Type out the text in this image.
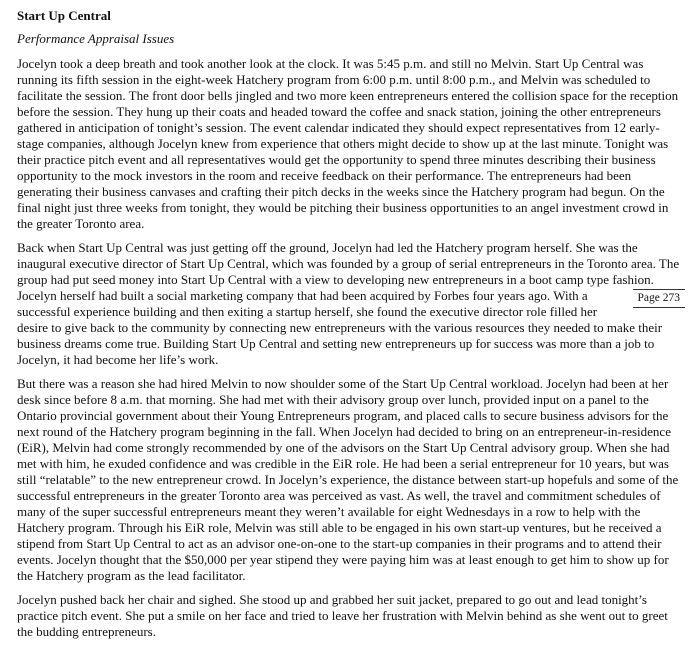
Start Up Central
Performance Appraisal Issues

Jocelyn took a deep breath and took another look at the clock. It was 5:45 p.m. and still no Melvin. Start Up Central was running its fifth session in the eight-week Hatchery program from 6:00 p.m. until 8:00 p.m., and Melvin was scheduled to facilitate the session. The front door bells jingled and two more keen entrepreneurs entered the collision space for the reception before the session. They hung up their coats and headed toward the coffee and snack station, joining the other entrepreneurs gathered in anticipation of tonight’s session. The event calendar indicated they should expect representatives from 12 early-stage companies, although Jocelyn knew from experience that others might decide to show up at the last minute. Tonight was their practice pitch event and all representatives would get the opportunity to spend three minutes describing their business opportunity to the mock investors in the room and receive feedback on their performance. The entrepreneurs had been generating their business canvases and crafting their pitch decks in the weeks since the Hatchery program had begun. On the final night just three weeks from tonight, they would be pitching their business opportunities to an angel investment crowd in the greater Toronto area.

Back when Start Up Central was just getting off the ground, Jocelyn had led the Hatchery program herself. She was the inaugural executive director of Start Up Central, which was founded by a group of serial entrepreneurs in the Toronto area. The group had put seed money into Start Up Central with a view to developing new entrepreneurs in a boot camp type fashion. Jocelyn herself had built	Page 273
a social marketing company that had been acquired by Forbes four years ago. With a successful experience building and then exiting a startup herself, she found the executive director role filled her desire to give back to the community by connecting new entrepreneurs with the various resources they needed to make their business dreams come true. Building Start Up Central and setting new entrepreneurs up for success was more than a job to Jocelyn, it had become her life’s work.

But there was a reason she had hired Melvin to now shoulder some of the Start Up Central workload. Jocelyn had been at her desk since before 8 a.m. that morning. She had met with their advisory group over lunch, provided input on a panel to the Ontario provincial government about their Young Entrepreneurs program, and placed calls to secure business advisors for the next round of the Hatchery program beginning in the fall. When Jocelyn had decided to bring on an entrepreneur-in-residence (EiR), Melvin had come strongly recommended by one of the advisors on the Start Up Central advisory group. When she had met with him, he exuded confidence and was credible in the EiR role. He had been a serial entrepreneur for 10 years, but was still “relatable” to the new entrepreneur crowd. In Jocelyn’s experience, the distance between start-up hopefuls and some of the successful entrepreneurs in the greater Toronto area was perceived as vast. As well, the travel and commitment schedules of many of the super successful entrepreneurs meant they weren’t available for eight Wednesdays in a row to help with the Hatchery program. Through his EiR role, Melvin was still able to be engaged in his own start-up ventures, but he received a stipend from Start Up Central to act as an advisor one-on-one to the start-up companies in their programs and to attend their events. Jocelyn thought that the $50,000 per year stipend they were paying him was at least enough to get him to show up for the Hatchery program as the lead facilitator.

Jocelyn pushed back her chair and sighed. She stood up and grabbed her suit jacket, prepared to go out and lead tonight’s practice pitch event. She put a smile on her face and tried to leave her frustration with Melvin behind as she went out to greet the budding entrepreneurs.
